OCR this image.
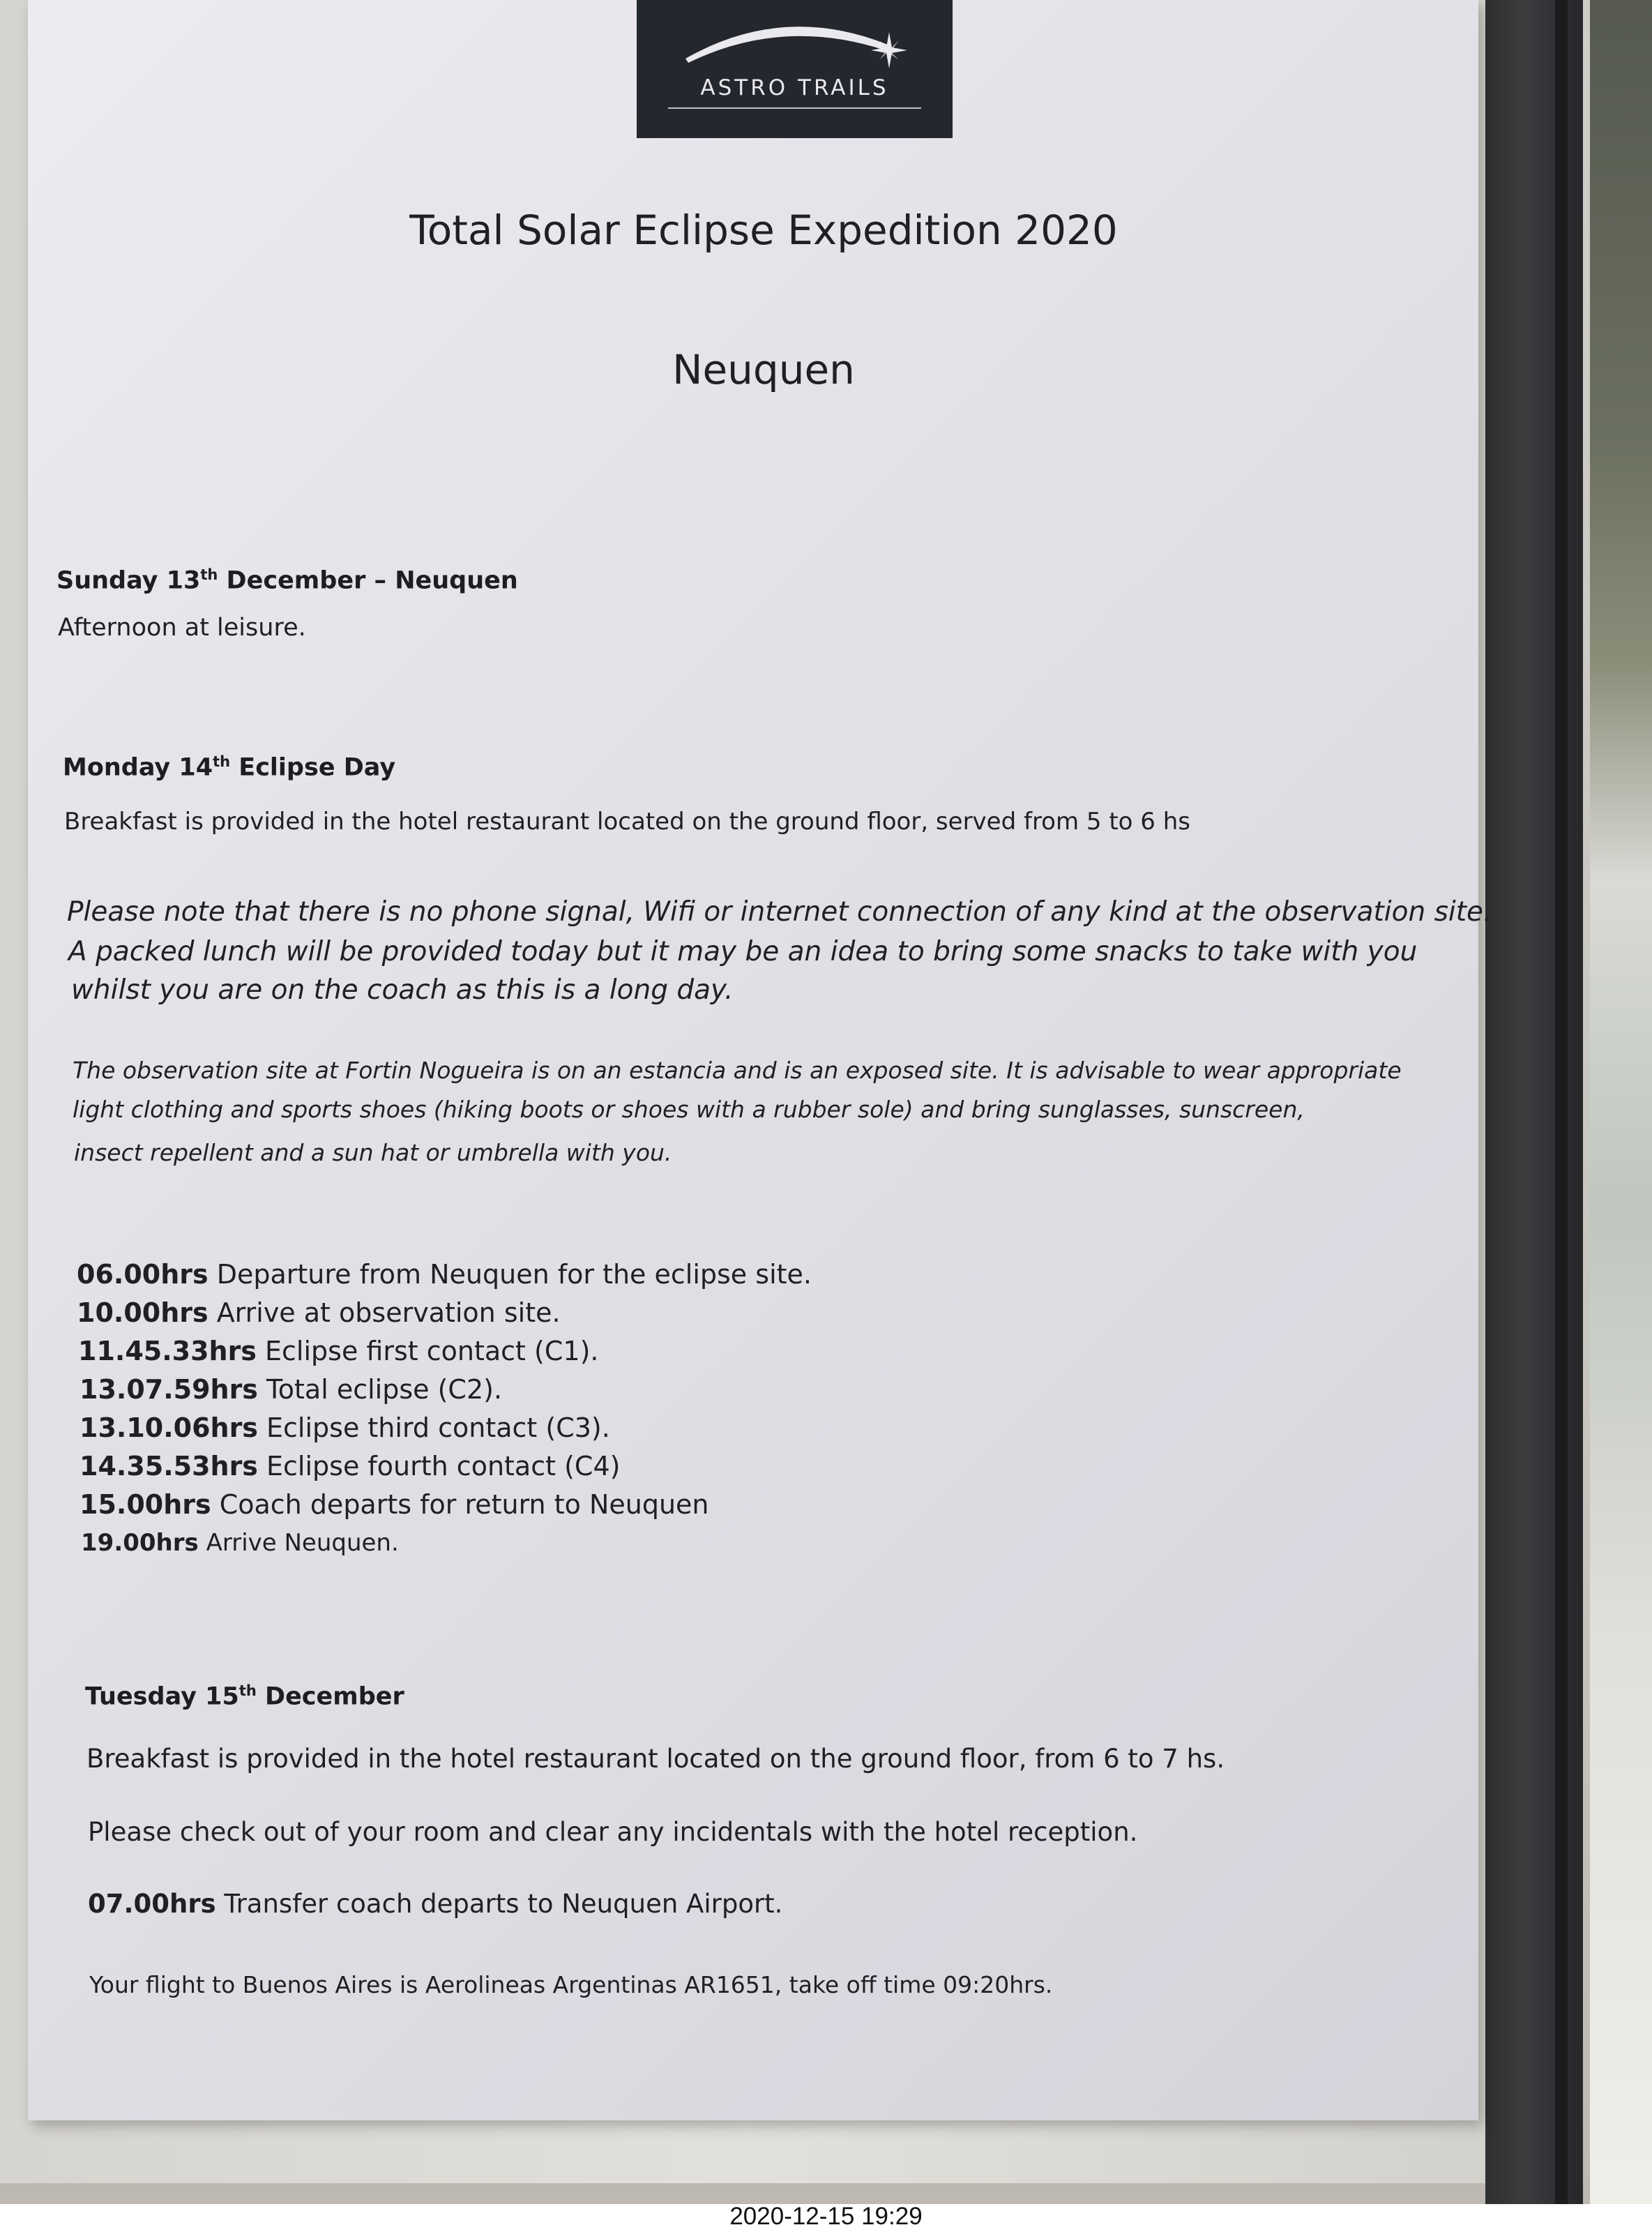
ASTRO TRAILS
Total Solar Eclipse Expedition 2020
Neuquen
Sunday 13th December – Neuquen
Afternoon at leisure.
Monday 14th Eclipse Day
Breakfast is provided in the hotel restaurant located on the ground floor, served from 5 to 6 hs
Please note that there is no phone signal, Wifi or internet connection of any kind at the observation site.
A packed lunch will be provided today but it may be an idea to bring some snacks to take with you
whilst you are on the coach as this is a long day.
The observation site at Fortin Nogueira is on an estancia and is an exposed site. It is advisable to wear appropriate
light clothing and sports shoes (hiking boots or shoes with a rubber sole) and bring sunglasses, sunscreen,
insect repellent and a sun hat or umbrella with you.
06.00hrs Departure from Neuquen for the eclipse site.
10.00hrs Arrive at observation site.
11.45.33hrs Eclipse first contact (C1).
13.07.59hrs Total eclipse (C2).
13.10.06hrs Eclipse third contact (C3).
14.35.53hrs Eclipse fourth contact (C4)
15.00hrs Coach departs for return to Neuquen
19.00hrs Arrive Neuquen.
Tuesday 15th December
Breakfast is provided in the hotel restaurant located on the ground floor, from 6 to 7 hs.
Please check out of your room and clear any incidentals with the hotel reception.
07.00hrs Transfer coach departs to Neuquen Airport.
Your flight to Buenos Aires is Aerolineas Argentinas AR1651, take off time 09:20hrs.
2020-12-15 19:29
